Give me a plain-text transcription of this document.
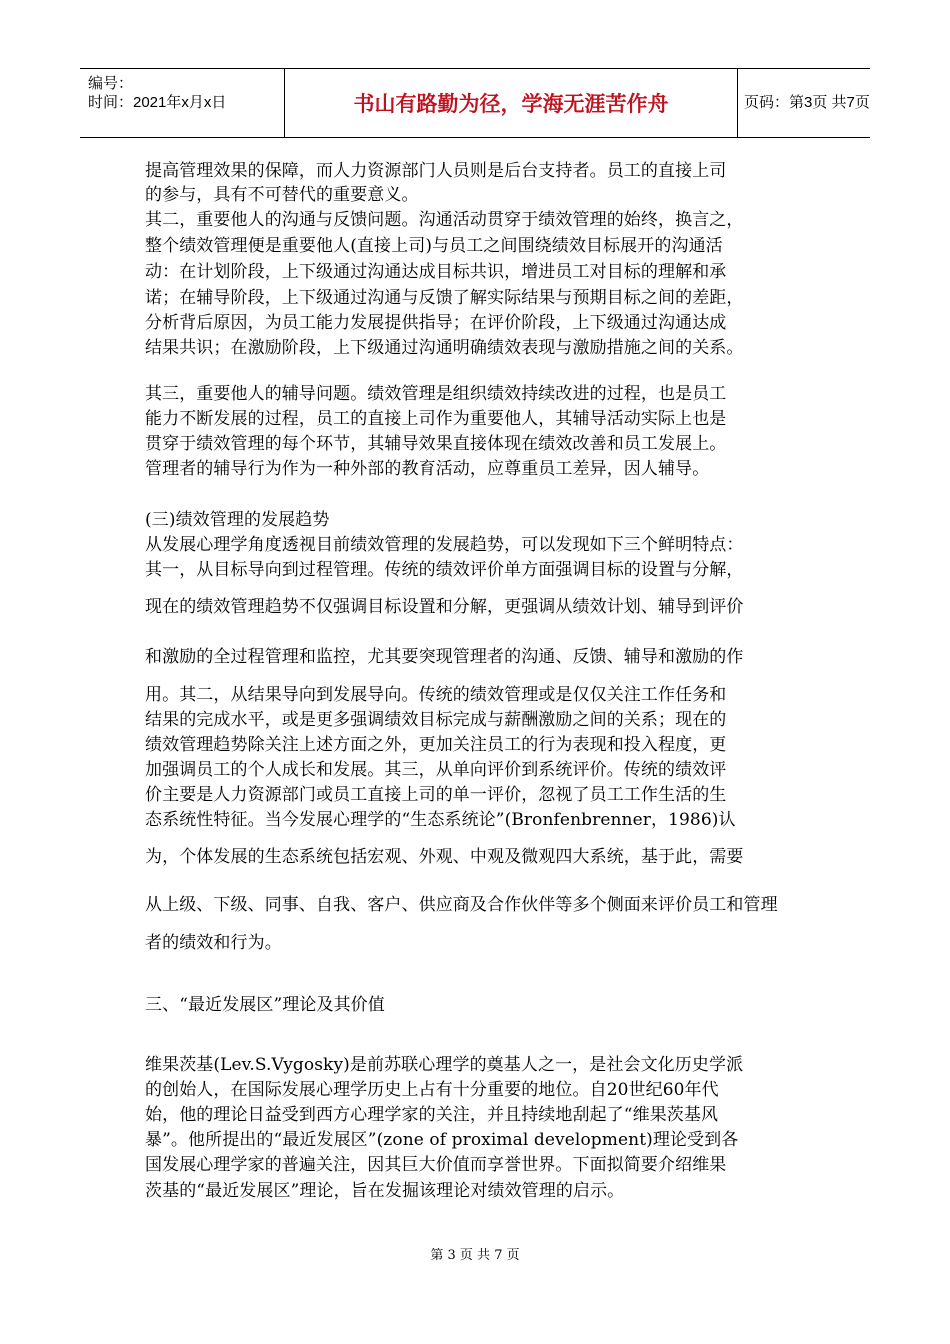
编号：
时间：2021年x月x日	书山有路勤为径，学海无涯苦作舟	页码：第3页 共7页

提高管理效果的保障，而人力资源部门人员则是后台支持者。员工的直接上司

的参与，具有不可替代的重要意义。

其二，重要他人的沟通与反馈问题。沟通活动贯穿于绩效管理的始终，换言之，

整个绩效管理便是重要他人(直接上司)与员工之间围绕绩效目标展开的沟通活

动：在计划阶段，上下级通过沟通达成目标共识，增进员工对目标的理解和承

诺；在辅导阶段，上下级通过沟通与反馈了解实际结果与预期目标之间的差距，

分析背后原因，为员工能力发展提供指导；在评价阶段，上下级通过沟通达成

结果共识；在激励阶段，上下级通过沟通明确绩效表现与激励措施之间的关系。

其三，重要他人的辅导问题。绩效管理是组织绩效持续改进的过程，也是员工

能力不断发展的过程，员工的直接上司作为重要他人，其辅导活动实际上也是

贯穿于绩效管理的每个环节，其辅导效果直接体现在绩效改善和员工发展上。

管理者的辅导行为作为一种外部的教育活动，应尊重员工差异，因人辅导。

(三)绩效管理的发展趋势

从发展心理学角度透视目前绩效管理的发展趋势，可以发现如下三个鲜明特点：

其一，从目标导向到过程管理。传统的绩效评价单方面强调目标的设置与分解，

现在的绩效管理趋势不仅强调目标设置和分解，更强调从绩效计划、辅导到评价

和激励的全过程管理和监控，尤其要突现管理者的沟通、反馈、辅导和激励的作

用。其二，从结果导向到发展导向。传统的绩效管理或是仅仅关注工作任务和

结果的完成水平，或是更多强调绩效目标完成与薪酬激励之间的关系；现在的

绩效管理趋势除关注上述方面之外，更加关注员工的行为表现和投入程度，更

加强调员工的个人成长和发展。其三，从单向评价到系统评价。传统的绩效评

价主要是人力资源部门或员工直接上司的单一评价，忽视了员工工作生活的生

态系统性特征。当今发展心理学的“生态系统论”(Bronfenbrenner，1986)认

为，个体发展的生态系统包括宏观、外观、中观及微观四大系统，基于此，需要

从上级、下级、同事、自我、客户、供应商及合作伙伴等多个侧面来评价员工和管理

者的绩效和行为。

三、“最近发展区”理论及其价值

维果茨基(Lev.S.Vygosky)是前苏联心理学的奠基人之一，是社会文化历史学派

的创始人，在国际发展心理学历史上占有十分重要的地位。自20世纪60年代

始，他的理论日益受到西方心理学家的关注，并且持续地刮起了“维果茨基风

暴”。他所提出的“最近发展区”(zone of proximal development)理论受到各

国发展心理学家的普遍关注，因其巨大价值而享誉世界。下面拟简要介绍维果

茨基的“最近发展区”理论，旨在发掘该理论对绩效管理的启示。

第 3 页 共 7 页
